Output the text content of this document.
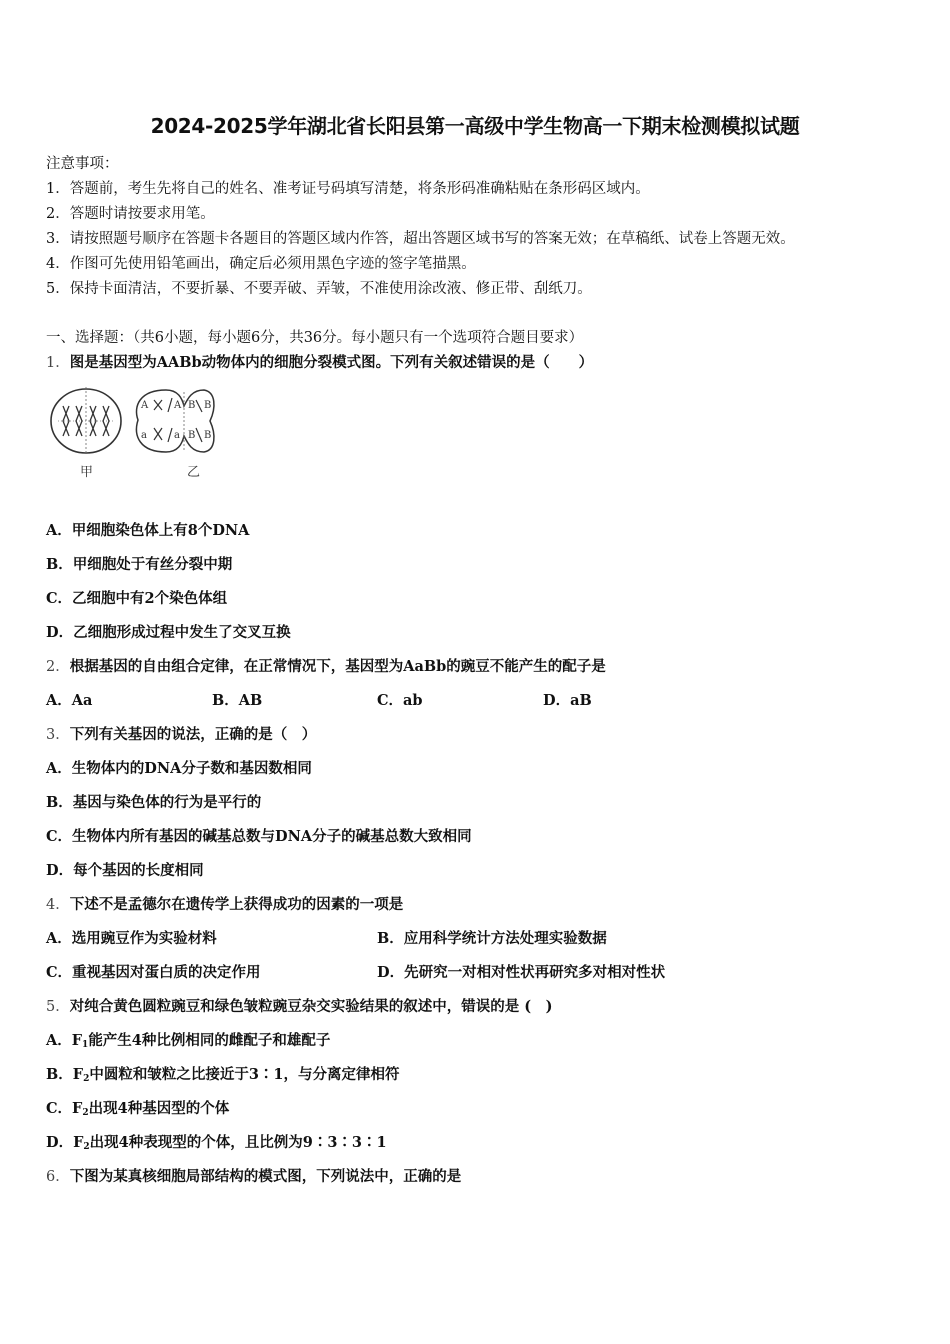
2024-2025学年湖北省长阳县第一高级中学生物高一下期末检测模拟试题
注意事项：
1．答题前，考生先将自己的姓名、准考证号码填写清楚，将条形码准确粘贴在条形码区域内。
2．答题时请按要求用笔。
3．请按照题号顺序在答题卡各题目的答题区域内作答，超出答题区域书写的答案无效；在草稿纸、试卷上答题无效。
4．作图可先使用铅笔画出，确定后必须用黑色字迹的签字笔描黑。
5．保持卡面清洁，不要折暴、不要弄破、弄皱，不准使用涂改液、修正带、刮纸刀。
一、选择题：（共6小题，每小题6分，共36分。每小题只有一个选项符合题目要求）
1．图是基因型为AABb动物体内的细胞分裂模式图。下列有关叙述错误的是（　　）
甲
A	A B B
a	a B B
乙
A．甲细胞染色体上有8个DNA
B．甲细胞处于有丝分裂中期
C．乙细胞中有2个染色体组
D．乙细胞形成过程中发生了交叉互换
2．根据基因的自由组合定律，在正常情况下，基因型为AaBb的豌豆不能产生的配子是
A．Aa	B．AB	C．ab	D．aB
3．下列有关基因的说法，正确的是（　）
A．生物体内的DNA分子数和基因数相同
B．基因与染色体的行为是平行的
C．生物体内所有基因的碱基总数与DNA分子的碱基总数大致相同
D．每个基因的长度相同
4．下述不是孟德尔在遗传学上获得成功的因素的一项是
A．选用豌豆作为实验材料	B．应用科学统计方法处理实验数据
C．重视基因对蛋白质的决定作用	D．先研究一对相对性状再研究多对相对性状
5．对纯合黄色圆粒豌豆和绿色皱粒豌豆杂交实验结果的叙述中，错误的是 (　)
A．$F_1$能产生4种比例相同的雌配子和雄配子
B．$F_2$中圆粒和皱粒之比接近于3∶1，与分离定律相符
C．$F_2$出现4种基因型的个体
D．$F_2$出现4种表现型的个体，且比例为9∶3∶3∶1
6．下图为某真核细胞局部结构的模式图，下列说法中，正确的是
